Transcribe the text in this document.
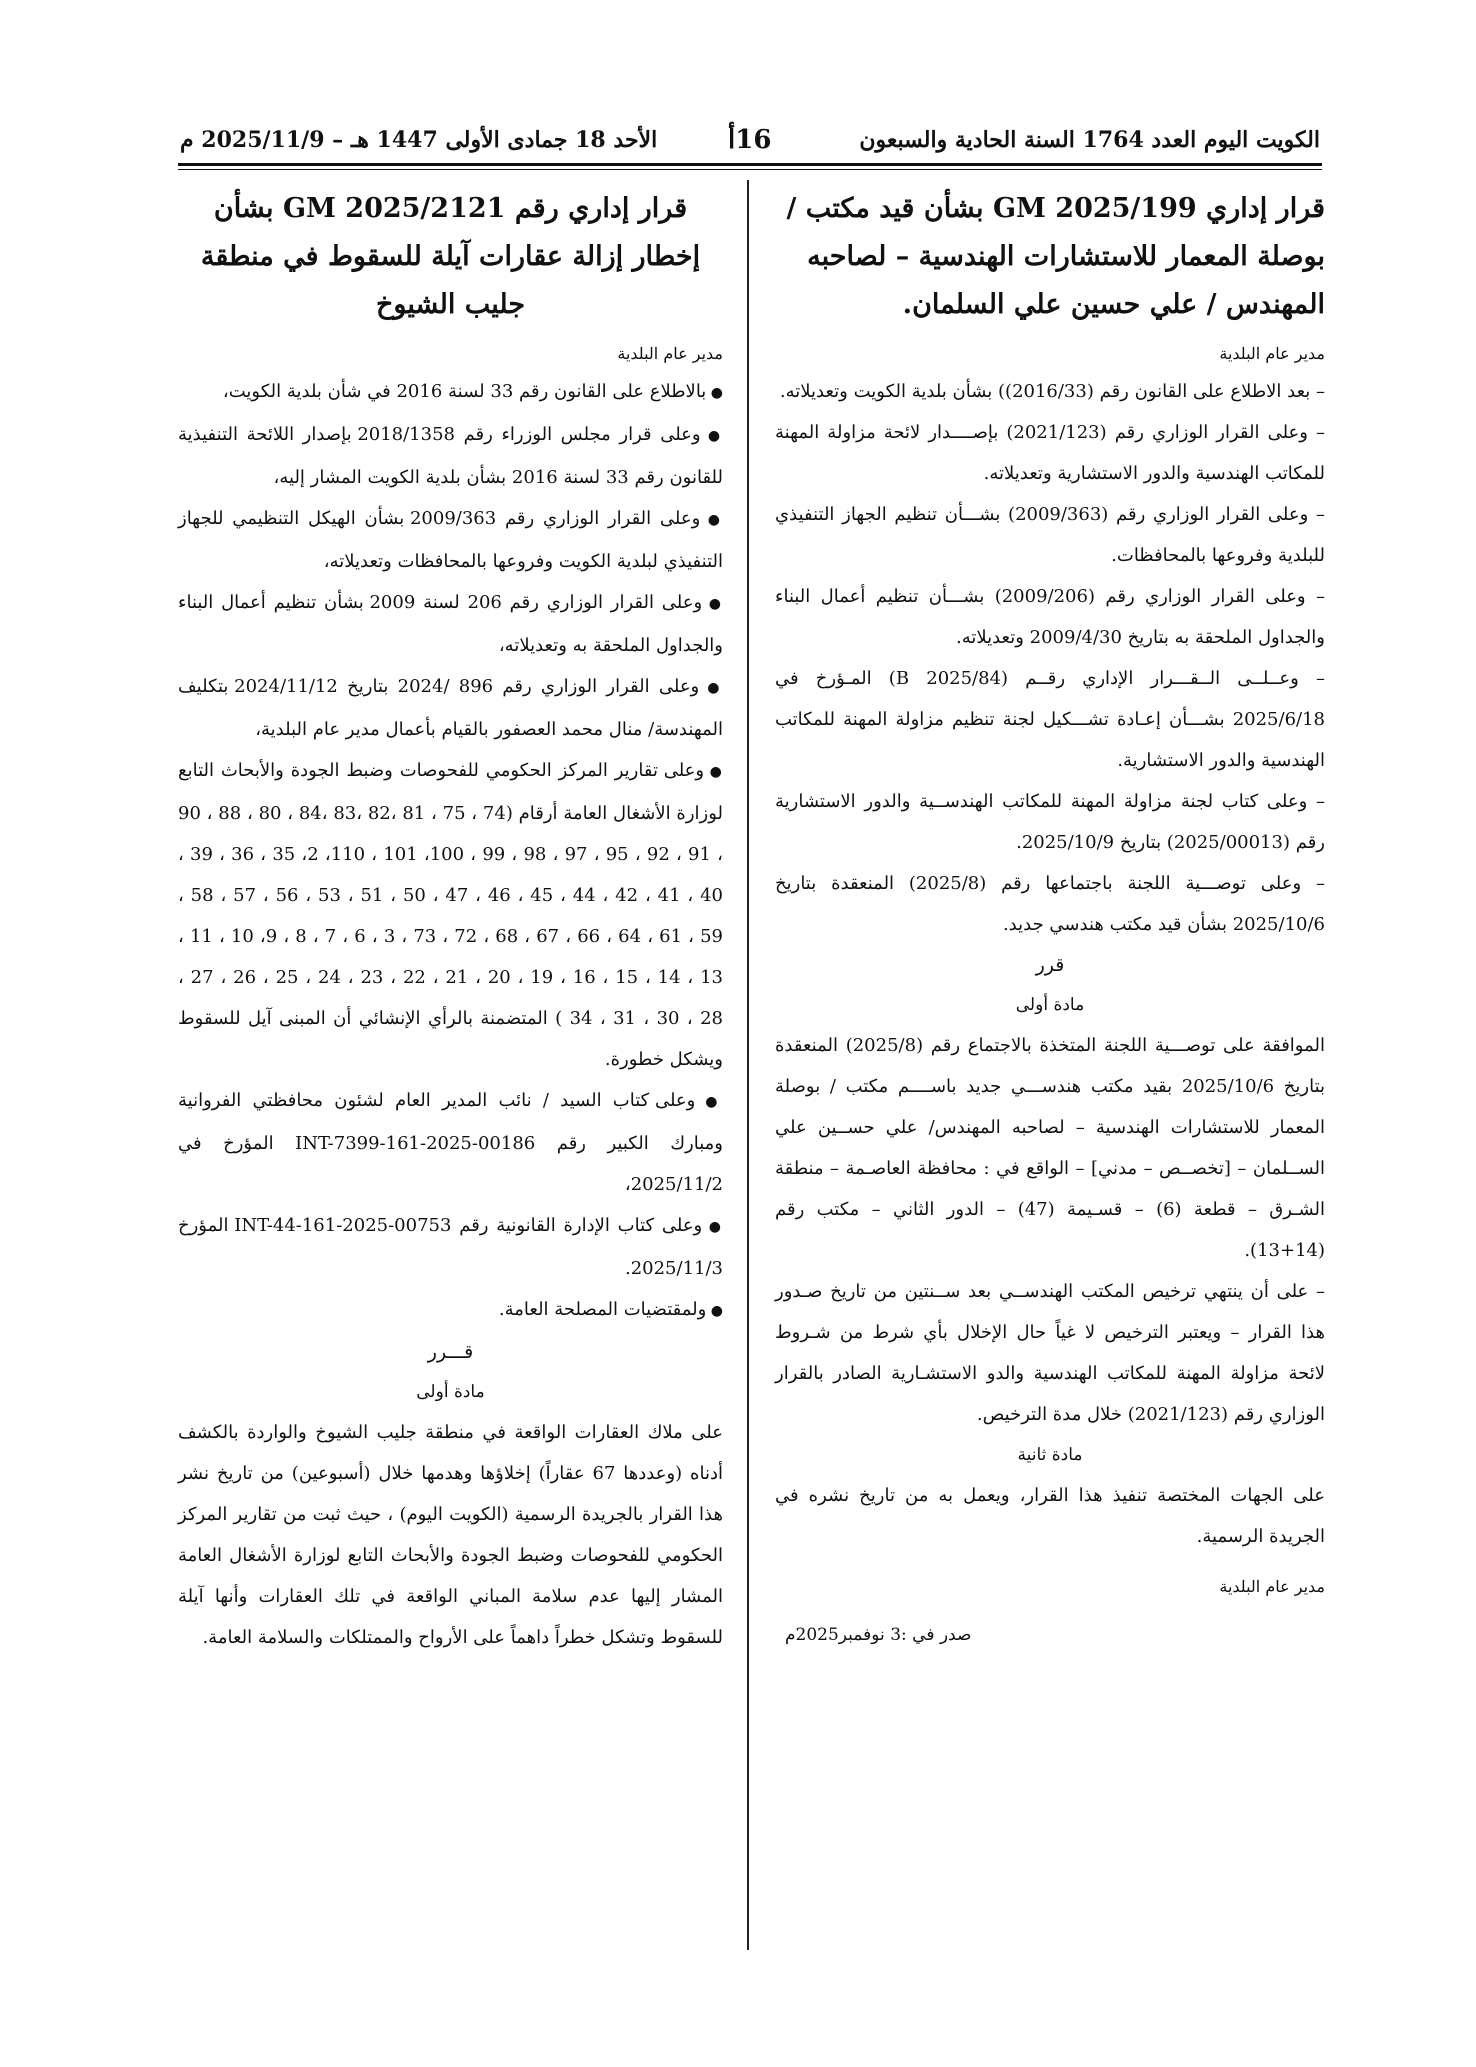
الكويت اليوم العدد 1764 السنة الحادية والسبعون
16أ
الأحد 18 جمادى الأولى 1447 هـ – 2025/11/9 م
قرار إداري GM 2025/199 بشأن قيد مكتب / بوصلة المعمار للاستشارات الهندسية – لصاحبه المهندس / علي حسين علي السلمان.
مدير عام البلدية

– بعد الاطلاع على القانون رقم (2016/33)) بشأن بلدية الكويت وتعديلاته.

– وعلى القرار الوزاري رقم (2021/123) بإصــــدار لائحة مزاولة المهنة للمكاتب الهندسية والدور الاستشارية وتعديلاته.

– وعلى القرار الوزاري رقم (2009/363) بشـــأن تنظيم الجهاز التنفيذي للبلدية وفروعها بالمحافظات.

– وعلى القرار الوزاري رقم (2009/206) بشـــأن تنظيم أعمال البناء والجداول الملحقة به بتاريخ 2009/4/30 وتعديلاته.

– وعــلــى الــقـــرار الإداري رقــم (B 2025/84) المـؤرخ في 2025/6/18 بشـــأن إعـادة تشـــكيل لجنة تنظيم مزاولة المهنة للمكاتب الهندسية والدور الاستشارية.

– وعلى كتاب لجنة مزاولة المهنة للمكاتب الهندســية والدور الاستشارية رقم (2025/00013) بتاريخ 2025/10/9.

– وعلى توصـــية اللجنة باجتماعها رقم (2025/8) المنعقدة بتاريخ 2025/10/6 بشأن قيد مكتب هندسي جديد.

قرر
مادة أولى

الموافقة على توصـــية اللجنة المتخذة بالاجتماع رقم (2025/8) المنعقدة بتاريخ 2025/10/6 بقيد مكتب هندســـي جديد باســــم مكتب / بوصلة المعمار للاستشارات الهندسية – لصاحبه المهندس/ علي حســين علي الســلمان – [تخصــص – مدني] – الواقع في : محافظة العاصـمة – منطقة الشـرق – قطعة (6) – قسـيمة (47) – الدور الثاني – مكتب رقم (14+13).

– على أن ينتهي ترخيص المكتب الهندســي بعد ســنتين من تاريخ صـدور هذا القرار – ويعتبر الترخيص لا غياً حال الإخلال بأي شرط من شـروط لائحة مزاولة المهنة للمكاتب الهندسية والدو الاستشـارية الصادر بالقرار الوزاري رقم (2021/123) خلال مدة الترخيص.

مادة ثانية

على الجهات المختصة تنفيذ هذا القرار، ويعمل به من تاريخ نشره في الجريدة الرسمية.

مدير عام البلدية
صدر في :3 نوفمبر2025م
قرار إداري رقم GM 2025/2121 بشأن إخطار إزالة عقارات آيلة للسقوط في منطقة جليب الشيوخ
مدير عام البلدية

● بالاطلاع على القانون رقم 33 لسنة 2016 في شأن بلدية الكويت،

● وعلى قرار مجلس الوزراء رقم 2018/1358 بإصدار اللائحة التنفيذية للقانون رقم 33 لسنة 2016 بشأن بلدية الكويت المشار إليه،

● وعلى القرار الوزاري رقم 2009/363 بشأن الهيكل التنظيمي للجهاز التنفيذي لبلدية الكويت وفروعها بالمحافظات وتعديلاته،

● وعلى القرار الوزاري رقم 206 لسنة 2009 بشأن تنظيم أعمال البناء والجداول الملحقة به وتعديلاته،

● وعلى القرار الوزاري رقم 896 /2024 بتاريخ 2024/11/12 بتكليف المهندسة/ منال محمد العصفور بالقيام بأعمال مدير عام البلدية،

● وعلى تقارير المركز الحكومي للفحوصات وضبط الجودة والأبحاث التابع لوزارة الأشغال العامة أرقام (74 ، 75 ، 81 ،82 ،83 ،84 ، 80 ، 88 ، 90 ، 91 ، 92 ، 95 ، 97 ، 98 ، 99 ، 100، 101 ، 110، 2، 35 ، 36 ، 39 ، 40 ، 41 ، 42 ، 44 ، 45 ، 46 ، 47 ، 50 ، 51 ، 53 ، 56 ، 57 ، 58 ، 59 ، 61 ، 64 ، 66 ، 67 ، 68 ، 72 ، 73 ، 3 ، 6 ، 7 ، 8 ، 9، 10 ، 11 ، 13 ، 14 ، 15 ، 16 ، 19 ، 20 ، 21 ، 22 ، 23 ، 24 ، 25 ، 26 ، 27 ، 28 ، 30 ، 31 ، 34 ) المتضمنة بالرأي الإنشائي أن المبنى آيل للسقوط ويشكل خطورة.

● وعلى كتاب السيد / نائب المدير العام لشئون محافظتي الفروانية ومبارك الكبير رقم INT-7399-161-2025-00186 المؤرخ في 2025/11/2،

● وعلى كتاب الإدارة القانونية رقم INT-44-161-2025-00753 المؤرخ 2025/11/3.

● ولمقتضيات المصلحة العامة.

قـــرر
مادة أولى

على ملاك العقارات الواقعة في منطقة جليب الشيوخ والواردة بالكشف أدناه (وعددها 67 عقاراً) إخلاؤها وهدمها خلال (أسبوعين) من تاريخ نشر هذا القرار بالجريدة الرسمية (الكويت اليوم) ، حيث ثبت من تقارير المركز الحكومي للفحوصات وضبط الجودة والأبحاث التابع لوزارة الأشغال العامة المشار إليها عدم سلامة المباني الواقعة في تلك العقارات وأنها آيلة للسقوط وتشكل خطراً داهماً على الأرواح والممتلكات والسلامة العامة.
